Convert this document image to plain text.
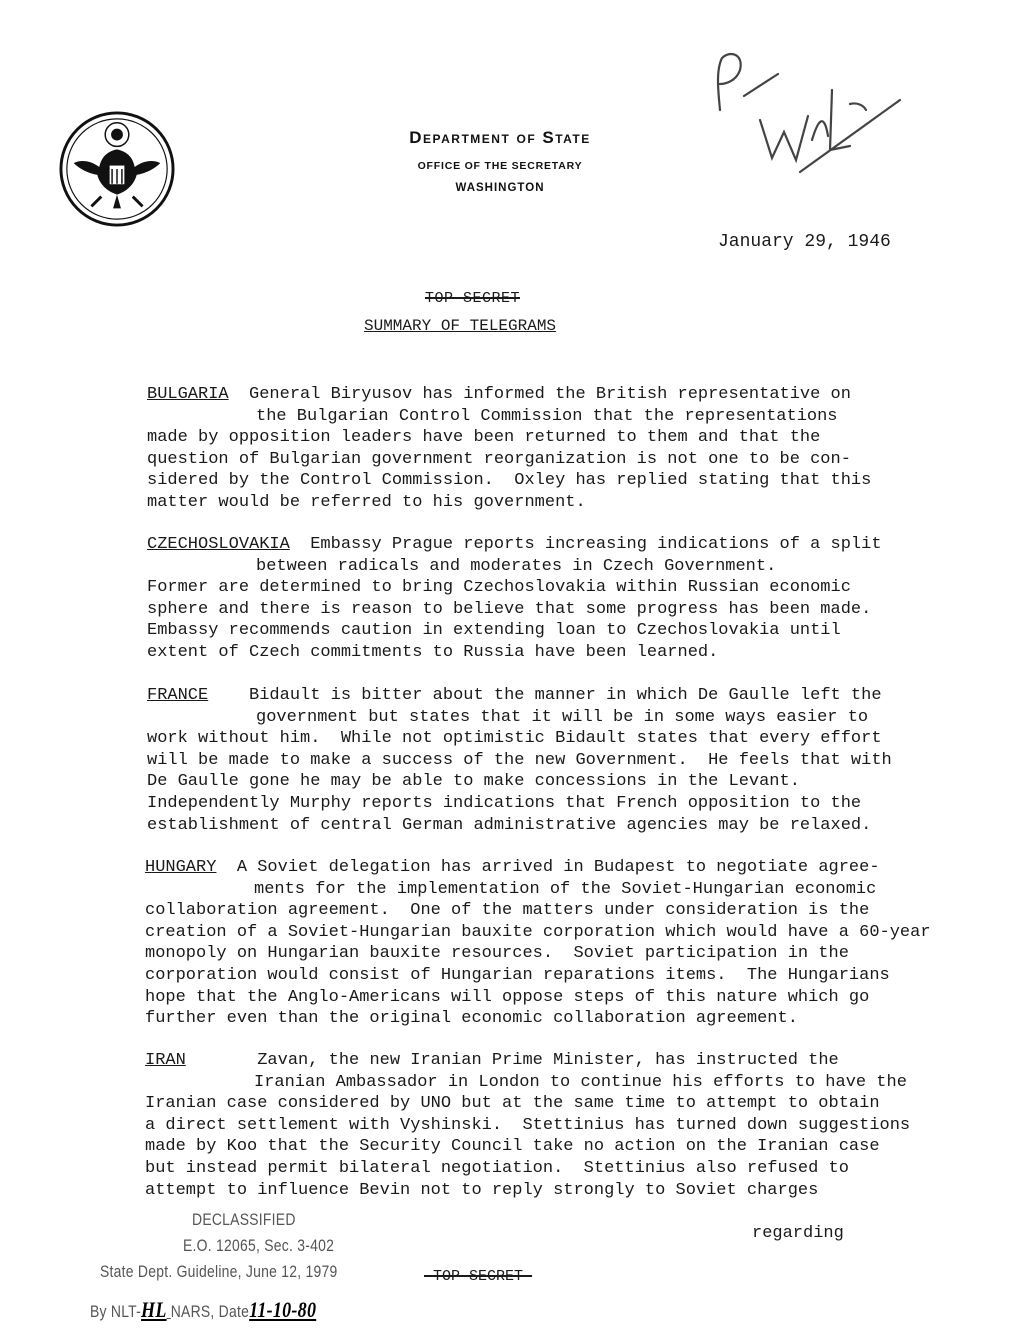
Department of State
OFFICE OF THE SECRETARY
WASHINGTON
January 29, 1946
TOP SECRET
SUMMARY OF TELEGRAMS
BULGARIA General Biryusov has informed the British representative on
the Bulgarian Control Commission that the representations
made by opposition leaders have been returned to them and that the
question of Bulgarian government reorganization is not one to be con-
sidered by the Control Commission.  Oxley has replied stating that this
matter would be referred to his government.
CZECHOSLOVAKIA Embassy Prague reports increasing indications of a split
between radicals and moderates in Czech Government.
Former are determined to bring Czechoslovakia within Russian economic
sphere and there is reason to believe that some progress has been made.
Embassy recommends caution in extending loan to Czechoslovakia until
extent of Czech commitments to Russia have been learned.
FRANCE Bidault is bitter about the manner in which De Gaulle left the
government but states that it will be in some ways easier to
work without him.  While not optimistic Bidault states that every effort
will be made to make a success of the new Government.  He feels that with
De Gaulle gone he may be able to make concessions in the Levant.
Independently Murphy reports indications that French opposition to the
establishment of central German administrative agencies may be relaxed.
HUNGARY A Soviet delegation has arrived in Budapest to negotiate agree-
ments for the implementation of the Soviet-Hungarian economic
collaboration agreement.  One of the matters under consideration is the
creation of a Soviet-Hungarian bauxite corporation which would have a 60-year
monopoly on Hungarian bauxite resources.  Soviet participation in the
corporation would consist of Hungarian reparations items.  The Hungarians
hope that the Anglo-Americans will oppose steps of this nature which go
further even than the original economic collaboration agreement.
IRAN	Zavan, the new Iranian Prime Minister, has instructed the
Iranian Ambassador in London to continue his efforts to have the
Iranian case considered by UNO but at the same time to attempt to obtain
a direct settlement with Vyshinski.  Stettinius has turned down suggestions
made by Koo that the Security Council take no action on the Iranian case
but instead permit bilateral negotiation.  Stettinius also refused to
attempt to influence Bevin not to reply strongly to Soviet charges
regarding
DECLASSIFIED
E.O. 12065, Sec. 3-402
State Dept. Guideline, June 12, 1979
By NLT-HL NARS, Date11-10-80
-TOP SECRET-
